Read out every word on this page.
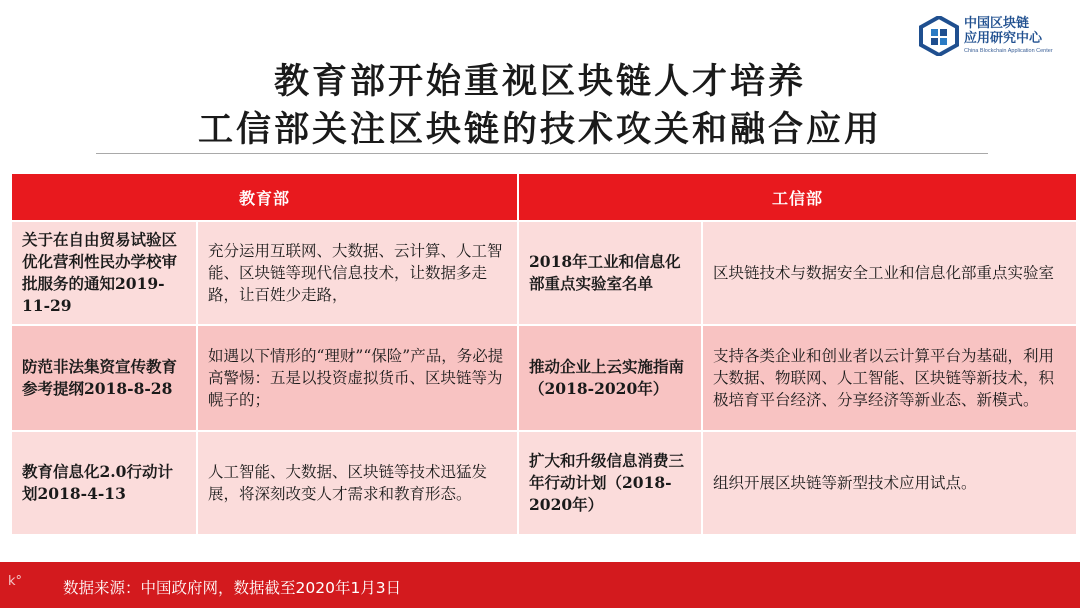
中国区块链
应用研究中心
China Blockchain Application Center
教育部开始重视区块链人才培养
工信部关注区块链的技术攻关和融合应用
教育部		工信部	
关于在自由贸易试验区优化营利性民办学校审批服务的通知2019-11-29	充分运用互联网、大数据、云计算、人工智能、区块链等现代信息技术，让数据多走路，让百姓少走路，	2018年工业和信息化部重点实验室名单	区块链技术与数据安全工业和信息化部重点实验室
防范非法集资宣传教育参考提纲2018-8-28	如遇以下情形的“理财”“保险”产品，务必提高警惕：五是以投资虚拟货币、区块链等为幌子的；	推动企业上云实施指南（2018-2020年）	支持各类企业和创业者以云计算平台为基础，利用大数据、物联网、人工智能、区块链等新技术，积极培育平台经济、分享经济等新业态、新模式。
教育信息化2.0行动计划2018-4-13	人工智能、大数据、区块链等技术迅猛发展，将深刻改变人才需求和教育形态。	扩大和升级信息消费三年行动计划（2018-2020年）	组织开展区块链等新型技术应用试点。
k°	数据来源：中国政府网，数据截至2020年1月3日
